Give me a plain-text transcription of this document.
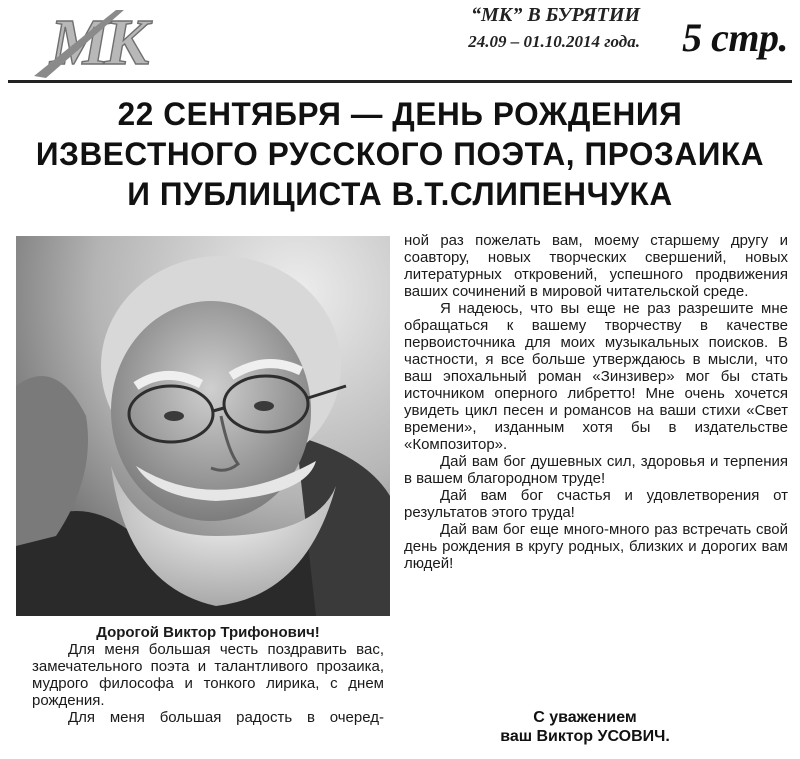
МК	“МК” В БУРЯТИИ
24.09 – 01.10.2014 года.	5 стр.
22 СЕНТЯБРЯ — ДЕНЬ РОЖДЕНИЯ
ИЗВЕСТНОГО РУССКОГО ПОЭТА, ПРОЗАИКА
И ПУБЛИЦИСТА В.Т.СЛИПЕНЧУКА

Дорогой Виктор Трифонович!

Для меня большая честь поздравить вас, замечательного поэта и талантливого прозаика, мудрого философа и тонкого лирика, с днем рождения.

Для меня большая радость в очеред-

ной раз пожелать вам, моему старшему другу и соавтору, новых творческих свершений, новых литературных откровений, успешного продвижения ваших сочинений в мировой читательской среде.

Я надеюсь, что вы еще не раз разрешите мне обращаться к вашему творчеству в качестве первоисточника для моих музыкальных поисков. В частности, я все больше утверждаюсь в мысли, что ваш эпохальный роман «Зинзивер» мог бы стать источником оперного либретто! Мне очень хочется увидеть цикл песен и романсов на ваши стихи «Свет времени», изданным хотя бы в издательстве «Композитор».

Дай вам бог душевных сил, здоровья и терпения в вашем благородном труде!

Дай вам бог счастья и удовлетворения от результатов этого труда!

Дай вам бог еще много-много раз встречать свой день рождения в кругу родных, близких и дорогих вам людей!

С уважением
ваш Виктор УСОВИЧ.
